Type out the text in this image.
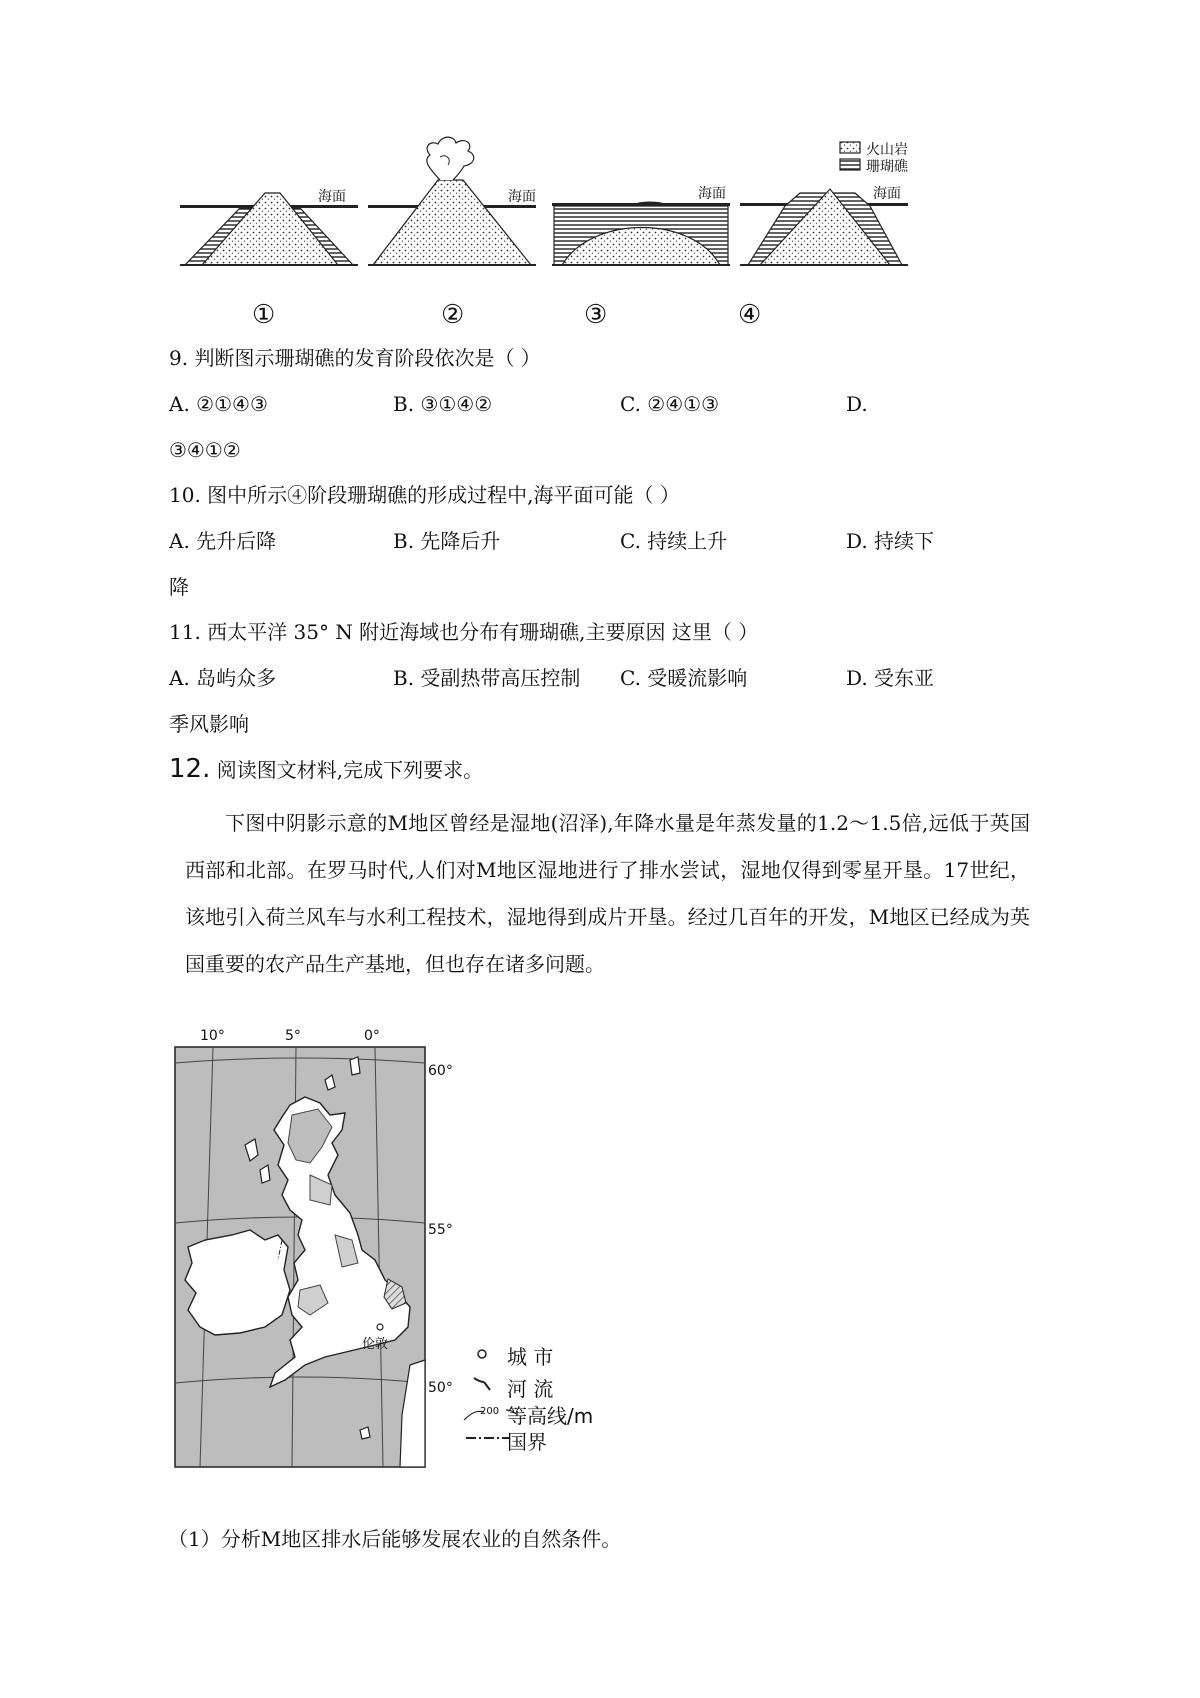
火山岩
珊瑚礁
海面	海面	海面	海面
①	②	③	④
9. 判断图示珊瑚礁的发育阶段依次是（ ）
A. ②①④③	B. ③①④②	C. ②④①③	D.
③④①②
10. 图中所示④阶段珊瑚礁的形成过程中,海平面可能（ ）
A. 先升后降	B. 先降后升	C. 持续上升	D. 持续下
降
11. 西太平洋 35° N 附近海域也分布有珊瑚礁,主要原因 这里（ ）
A. 岛屿众多	B. 受副热带高压控制 C. 受暖流影响	D. 受东亚
季风影响
12. 阅读图文材料,完成下列要求。
下图中阴影示意的M地区曾经是湿地(沼泽),年降水量是年蒸发量的1.2～1.5倍,远低于英国西部和北部。在罗马时代,人们对M地区湿地进行了排水尝试，湿地仅得到零星开垦。17世纪，该地引入荷兰风车与水利工程技术，湿地得到成片开垦。经过几百年的开发，M地区已经成为英国重要的农产品生产基地，但也存在诸多问题。
10°	5°	0°
60°
55°
50°
伦敦
城 市
河 流
200 等高线/m
国界
（1）分析M地区排水后能够发展农业的自然条件。
